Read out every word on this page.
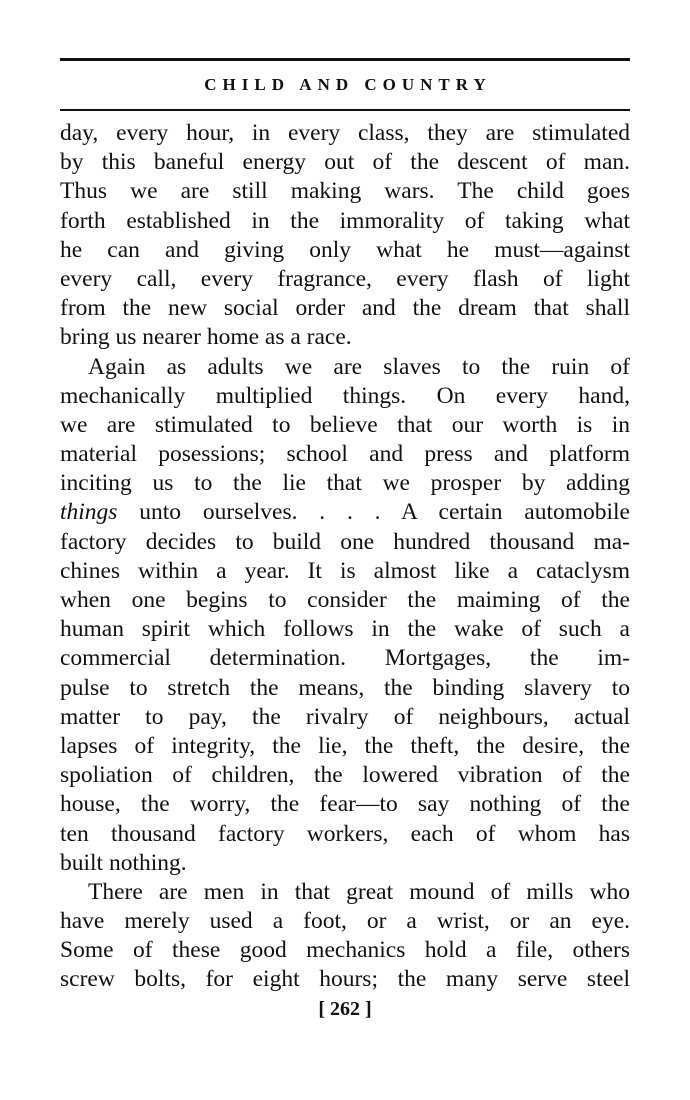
CHILD AND COUNTRY
day, every hour, in every class, they are stimulated
by this baneful energy out of the descent of man.
Thus we are still making wars. The child goes
forth established in the immorality of taking what
he can and giving only what he must—against
every call, every fragrance, every flash of light
from the new social order and the dream that shall
bring us nearer home as a race.
Again as adults we are slaves to the ruin of
mechanically multiplied things. On every hand,
we are stimulated to believe that our worth is in
material posessions; school and press and platform
inciting us to the lie that we prosper by adding
things unto ourselves. . . . A certain automobile
factory decides to build one hundred thousand ma-
chines within a year. It is almost like a cataclysm
when one begins to consider the maiming of the
human spirit which follows in the wake of such a
commercial determination. Mortgages, the im-
pulse to stretch the means, the binding slavery to
matter to pay, the rivalry of neighbours, actual
lapses of integrity, the lie, the theft, the desire, the
spoliation of children, the lowered vibration of the
house, the worry, the fear—to say nothing of the
ten thousand factory workers, each of whom has
built nothing.
There are men in that great mound of mills who
have merely used a foot, or a wrist, or an eye.
Some of these good mechanics hold a file, others
screw bolts, for eight hours; the many serve steel
[ 262 ]
